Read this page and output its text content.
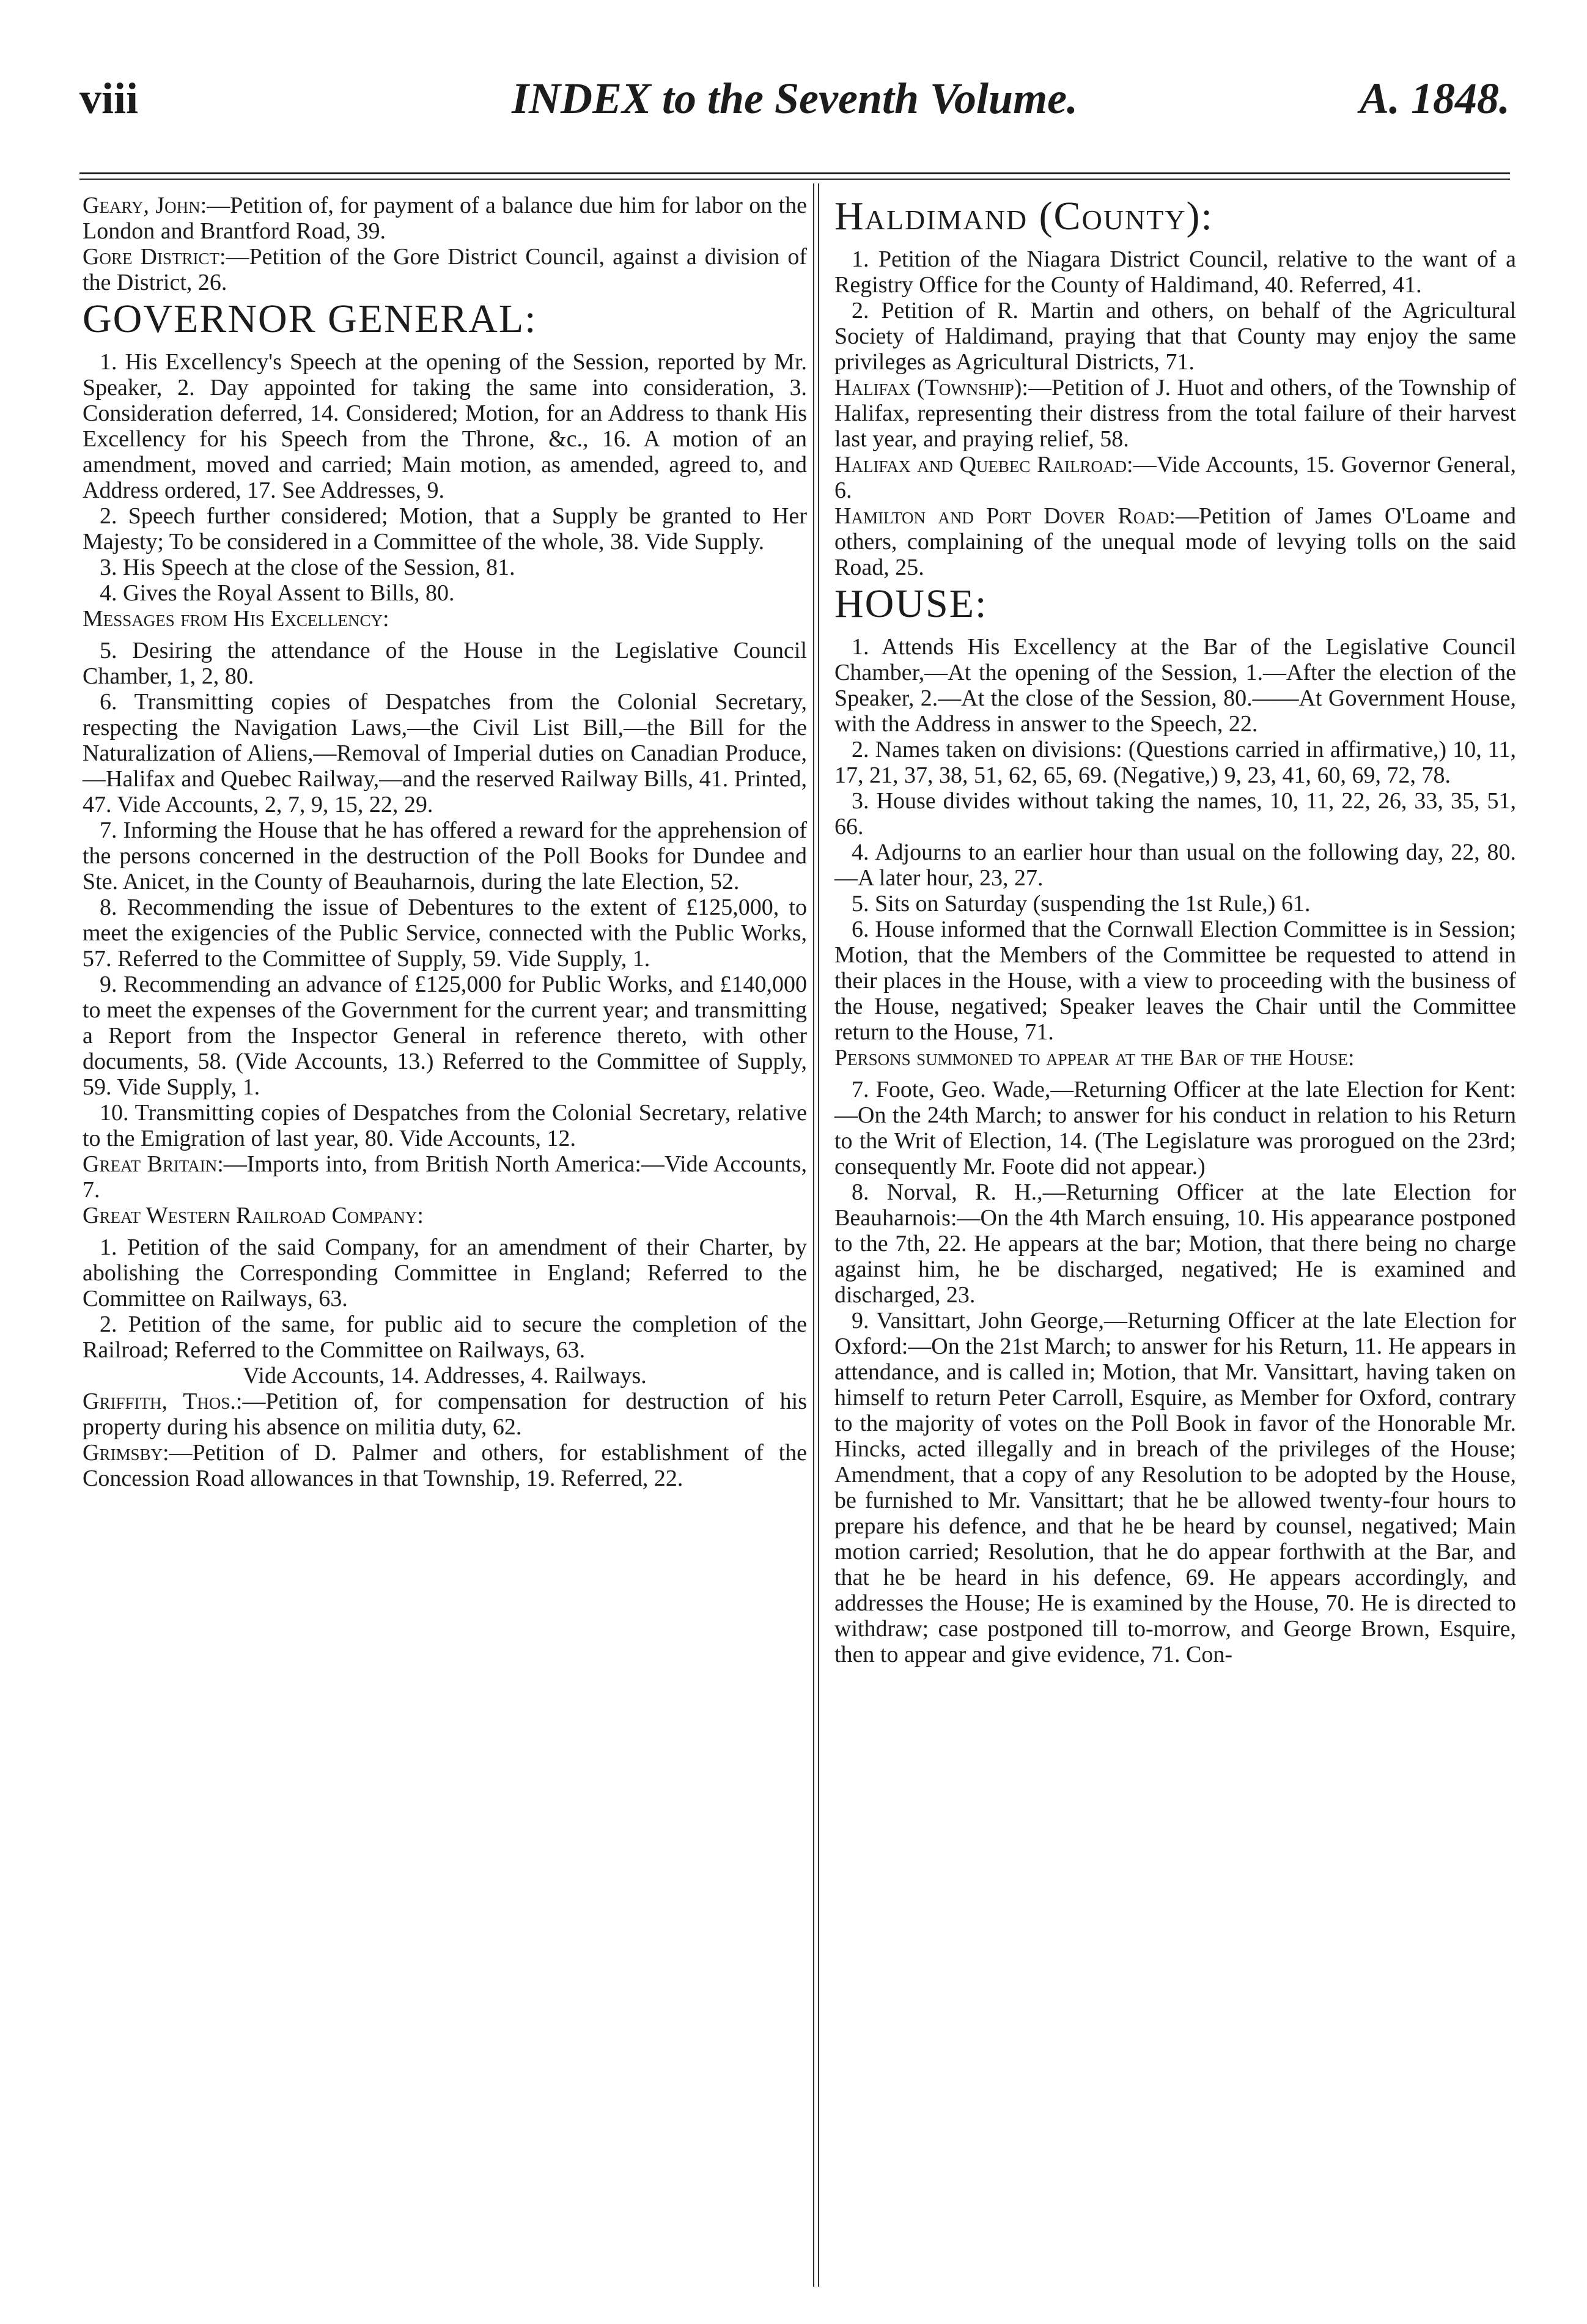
viii	INDEX to the Seventh Volume.	A. 1848.

Geary, John:—Petition of, for payment of a balance due him for labor on the London and Brantford Road, 39.

Gore District:—Petition of the Gore District Council, against a division of the District, 26.

GOVERNOR GENERAL:

1. His Excellency's Speech at the opening of the Session, reported by Mr. Speaker, 2. Day appointed for taking the same into consideration, 3. Consideration deferred, 14. Considered; Motion, for an Address to thank His Excellency for his Speech from the Throne, &c., 16. A motion of an amendment, moved and carried; Main motion, as amended, agreed to, and Address ordered, 17. See Addresses, 9.

2. Speech further considered; Motion, that a Supply be granted to Her Majesty; To be considered in a Committee of the whole, 38. Vide Supply.

3. His Speech at the close of the Session, 81.

4. Gives the Royal Assent to Bills, 80.

Messages from His Excellency:

5. Desiring the attendance of the House in the Legislative Council Chamber, 1, 2, 80.

6. Transmitting copies of Despatches from the Colonial Secretary, respecting the Navigation Laws,—the Civil List Bill,—the Bill for the Naturalization of Aliens,—Removal of Imperial duties on Canadian Produce,—Halifax and Quebec Railway,—and the reserved Railway Bills, 41. Printed, 47. Vide Accounts, 2, 7, 9, 15, 22, 29.

7. Informing the House that he has offered a reward for the apprehension of the persons concerned in the destruction of the Poll Books for Dundee and Ste. Anicet, in the County of Beauharnois, during the late Election, 52.

8. Recommending the issue of Debentures to the extent of £125,000, to meet the exigencies of the Public Service, connected with the Public Works, 57. Referred to the Committee of Supply, 59. Vide Supply, 1.

9. Recommending an advance of £125,000 for Public Works, and £140,000 to meet the expenses of the Government for the current year; and transmitting a Report from the Inspector General in reference thereto, with other documents, 58. (Vide Accounts, 13.) Referred to the Committee of Supply, 59. Vide Supply, 1.

10. Transmitting copies of Despatches from the Colonial Secretary, relative to the Emigration of last year, 80. Vide Accounts, 12.

Great Britain:—Imports into, from British North America:—Vide Accounts, 7.

Great Western Railroad Company:

1. Petition of the said Company, for an amendment of their Charter, by abolishing the Corresponding Committee in England; Referred to the Committee on Railways, 63.

2. Petition of the same, for public aid to secure the completion of the Railroad; Referred to the Committee on Railways, 63.

Vide Accounts, 14. Addresses, 4. Railways.

Griffith, Thos.:—Petition of, for compensation for destruction of his property during his absence on militia duty, 62.

Grimsby:—Petition of D. Palmer and others, for establishment of the Concession Road allowances in that Township, 19. Referred, 22.

Haldimand (County):

1. Petition of the Niagara District Council, relative to the want of a Registry Office for the County of Haldimand, 40. Referred, 41.

2. Petition of R. Martin and others, on behalf of the Agricultural Society of Haldimand, praying that that County may enjoy the same privileges as Agricultural Districts, 71.

Halifax (Township):—Petition of J. Huot and others, of the Township of Halifax, representing their distress from the total failure of their harvest last year, and praying relief, 58.

Halifax and Quebec Railroad:—Vide Accounts, 15. Governor General, 6.

Hamilton and Port Dover Road:—Petition of James O'Loame and others, complaining of the unequal mode of levying tolls on the said Road, 25.

HOUSE:

1. Attends His Excellency at the Bar of the Legislative Council Chamber,—At the opening of the Session, 1.—After the election of the Speaker, 2.—At the close of the Session, 80.——At Government House, with the Address in answer to the Speech, 22.

2. Names taken on divisions: (Questions carried in affirmative,) 10, 11, 17, 21, 37, 38, 51, 62, 65, 69. (Negative,) 9, 23, 41, 60, 69, 72, 78.

3. House divides without taking the names, 10, 11, 22, 26, 33, 35, 51, 66.

4. Adjourns to an earlier hour than usual on the following day, 22, 80.—A later hour, 23, 27.

5. Sits on Saturday (suspending the 1st Rule,) 61.

6. House informed that the Cornwall Election Committee is in Session; Motion, that the Members of the Committee be requested to attend in their places in the House, with a view to proceeding with the business of the House, negatived; Speaker leaves the Chair until the Committee return to the House, 71.

Persons summoned to appear at the Bar of the House:

7. Foote, Geo. Wade,—Returning Officer at the late Election for Kent:—On the 24th March; to answer for his conduct in relation to his Return to the Writ of Election, 14. (The Legislature was prorogued on the 23rd; consequently Mr. Foote did not appear.)

8. Norval, R. H.,—Returning Officer at the late Election for Beauharnois:—On the 4th March ensuing, 10. His appearance postponed to the 7th, 22. He appears at the bar; Motion, that there being no charge against him, he be discharged, negatived; He is examined and discharged, 23.

9. Vansittart, John George,—Returning Officer at the late Election for Oxford:—On the 21st March; to answer for his Return, 11. He appears in attendance, and is called in; Motion, that Mr. Vansittart, having taken on himself to return Peter Carroll, Esquire, as Member for Oxford, contrary to the majority of votes on the Poll Book in favor of the Honorable Mr. Hincks, acted illegally and in breach of the privileges of the House; Amendment, that a copy of any Resolution to be adopted by the House, be furnished to Mr. Vansittart; that he be allowed twenty-four hours to prepare his defence, and that he be heard by counsel, negatived; Main motion carried; Resolution, that he do appear forthwith at the Bar, and that he be heard in his defence, 69. He appears accordingly, and addresses the House; He is examined by the House, 70. He is directed to withdraw; case postponed till to-morrow, and George Brown, Esquire, then to appear and give evidence, 71. Con-
